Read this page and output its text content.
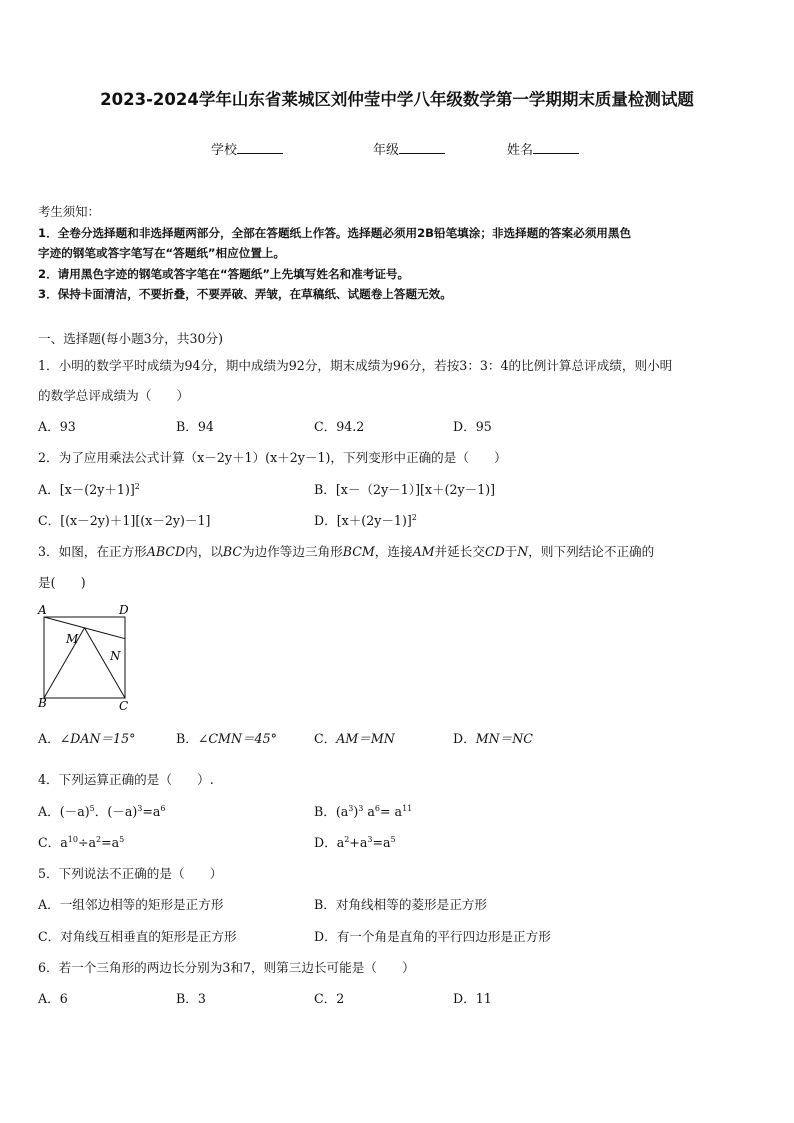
2023-2024学年山东省莱城区刘仲莹中学八年级数学第一学期期末质量检测试题
学校	年级	姓名
考生须知：
1．全卷分选择题和非选择题两部分，全部在答题纸上作答。选择题必须用2B铅笔填涂；非选择题的答案必须用黑色
字迹的钢笔或答字笔写在“答题纸”相应位置上。
2．请用黑色字迹的钢笔或答字笔在“答题纸”上先填写姓名和准考证号。
3．保持卡面清洁，不要折叠，不要弄破、弄皱，在草稿纸、试题卷上答题无效。
一、选择题(每小题3分，共30分)
1．小明的数学平时成绩为94分，期中成绩为92分，期末成绩为96分，若按3：3：4的比例计算总评成绩，则小明
的数学总评成绩为（　　）
A．93	B．94	C．94.2	D．95
2．为了应用乘法公式计算（x－2y＋1）(x＋2y－1)，下列变形中正确的是（　　）
A．$[x-(2y+1)]^2$	B．[x－（2y－1）][x＋(2y－1)]
C．[(x－2y)＋1][(x－2y)－1]	D．$[x+(2y-1)]^2$
3．如图，在正方形ABCD内，以BC为边作等边三角形BCM，连接AM并延长交CD于N，则下列结论不正确的
是(　　)
A	D
M
N
B	C
A．∠DAN＝15°	B．∠CMN＝45°	C．AM＝MN	D．MN＝NC
4．下列运算正确的是（　　）.
A．$(-a)^5$．$(-a)^3=a^6$	B．$(a^3)^3$ $a^6= a^{11}$
C．$a^{10}\div a^2=a^5$	D．$a^2+a^3=a^5$
5．下列说法不正确的是（　　）
A．一组邻边相等的矩形是正方形	B．对角线相等的菱形是正方形
C．对角线互相垂直的矩形是正方形	D．有一个角是直角的平行四边形是正方形
6．若一个三角形的两边长分别为3和7，则第三边长可能是（　　）
A．6	B．3	C．2	D．11
